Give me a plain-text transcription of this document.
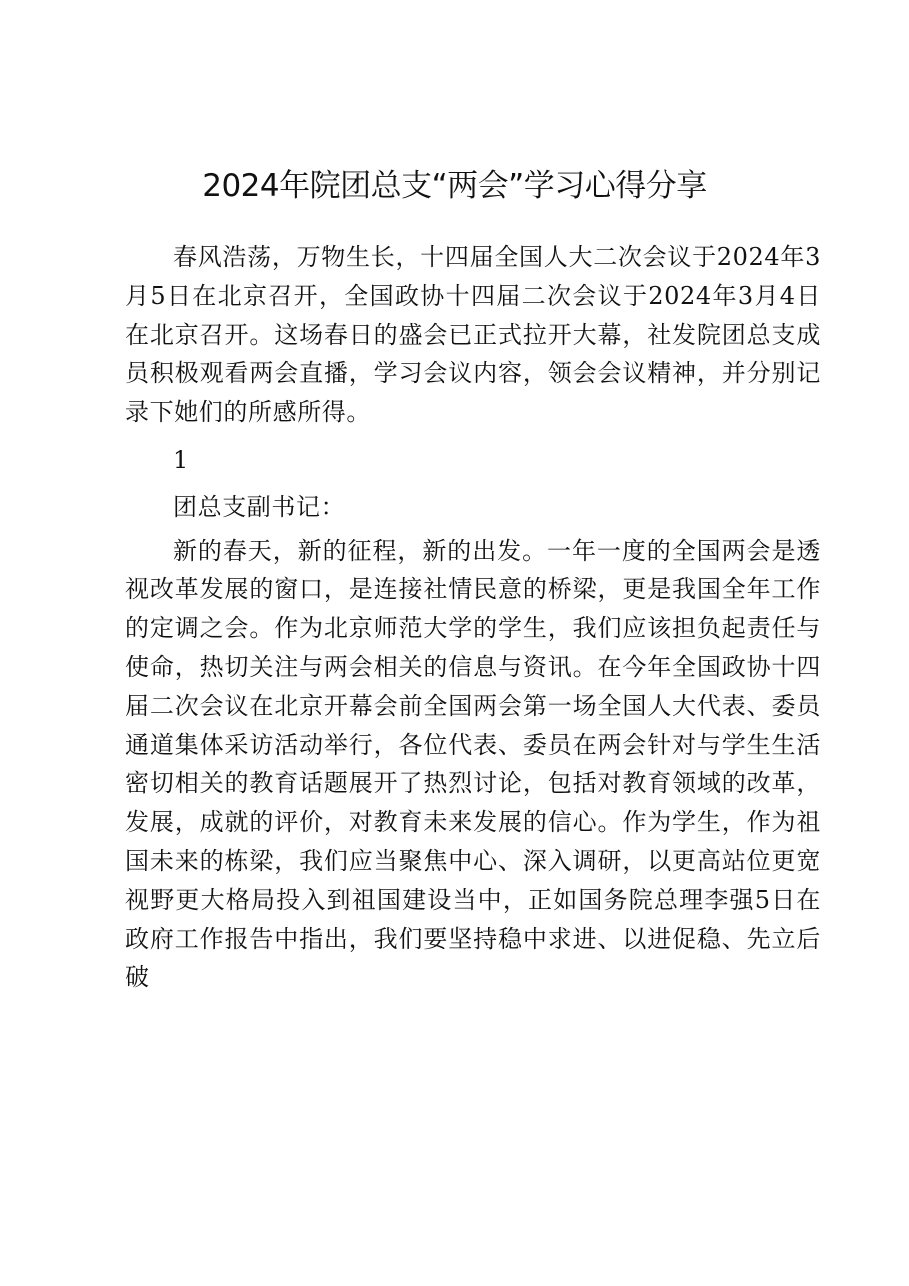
2024年院团总支“两会”学习心得分享

春风浩荡，万物生长，十四届全国人大二次会议于2024年3月5日在北京召开，全国政协十四届二次会议于2024年3月4日在北京召开。这场春日的盛会已正式拉开大幕，社发院团总支成员积极观看两会直播，学习会议内容，领会会议精神，并分别记录下她们的所感所得。

1

团总支副书记：

新的春天，新的征程，新的出发。一年一度的全国两会是透视改革发展的窗口，是连接社情民意的桥梁，更是我国全年工作的定调之会。作为北京师范大学的学生，我们应该担负起责任与使命，热切关注与两会相关的信息与资讯。在今年全国政协十四届二次会议在北京开幕会前全国两会第一场全国人大代表、委员通道集体采访活动举行，各位代表、委员在两会针对与学生生活密切相关的教育话题展开了热烈讨论，包括对教育领域的改革，发展，成就的评价，对教育未来发展的信心。作为学生，作为祖国未来的栋梁，我们应当聚焦中心、深入调研，以更高站位更宽视野更大格局投入到祖国建设当中，正如国务院总理李强5日在政府工作报告中指出，我们要坚持稳中求进、以进促稳、先立后破
